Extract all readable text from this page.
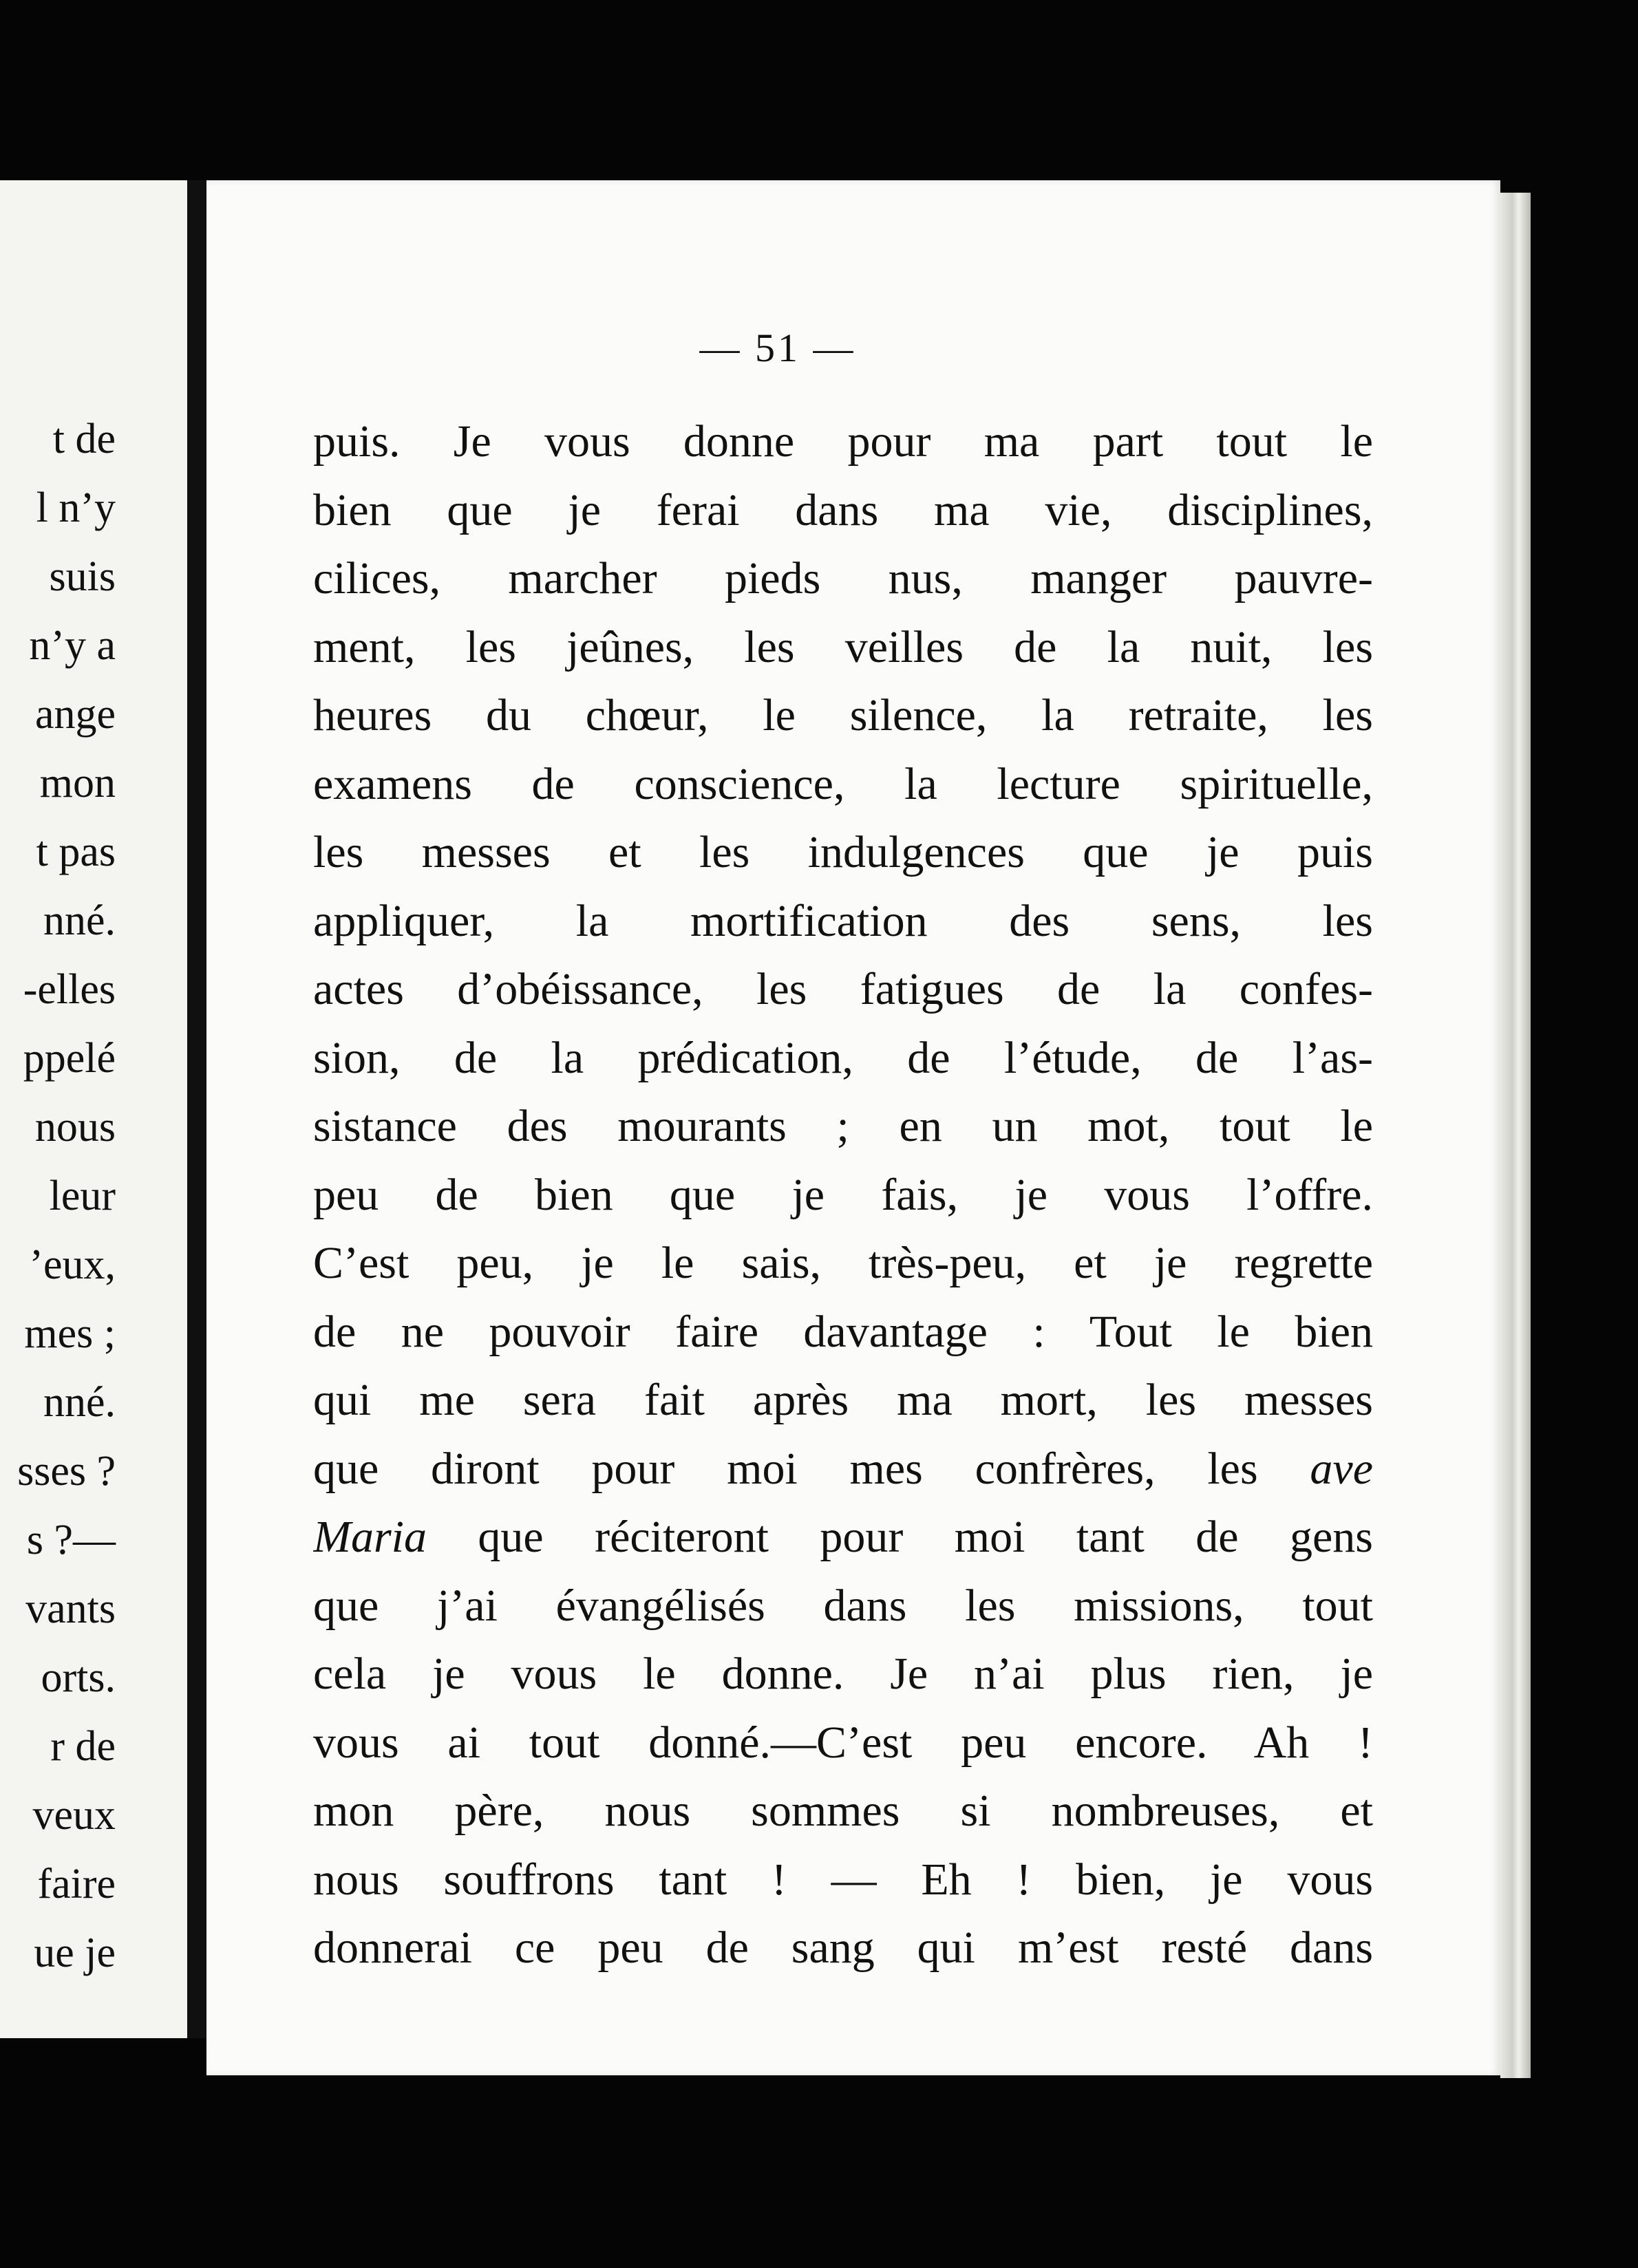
t de
l n’y
suis
n’y a
ange
mon
t pas
nné.
-elles
ppelé
nous
leur
’eux,
mes ;
nné.
sses ?
s ?—
vants
orts.
r de
veux
faire
ue je
— 51 —
puis. Je vous donne pour ma part tout le
bien que je ferai dans ma vie, disciplines,
cilices, marcher pieds nus, manger pauvre-
ment, les jeûnes, les veilles de la nuit, les
heures du chœur, le silence, la retraite, les
examens de conscience, la lecture spirituelle,
les messes et les indulgences que je puis
appliquer, la mortification des sens, les
actes d’obéissance, les fatigues de la confes-
sion, de la prédication, de l’étude, de l’as-
sistance des mourants ; en un mot, tout le
peu de bien que je fais, je vous l’offre.
C’est peu, je le sais, très-peu, et je regrette
de ne pouvoir faire davantage : Tout le bien
qui me sera fait après ma mort, les messes
que diront pour moi mes confrères, les ave
Maria que réciteront pour moi tant de gens
que j’ai évangélisés dans les missions, tout
cela je vous le donne. Je n’ai plus rien, je
vous ai tout donné.—C’est peu encore. Ah !
mon père, nous sommes si nombreuses, et
nous souffrons tant ! — Eh ! bien, je vous
donnerai ce peu de sang qui m’est resté dans
